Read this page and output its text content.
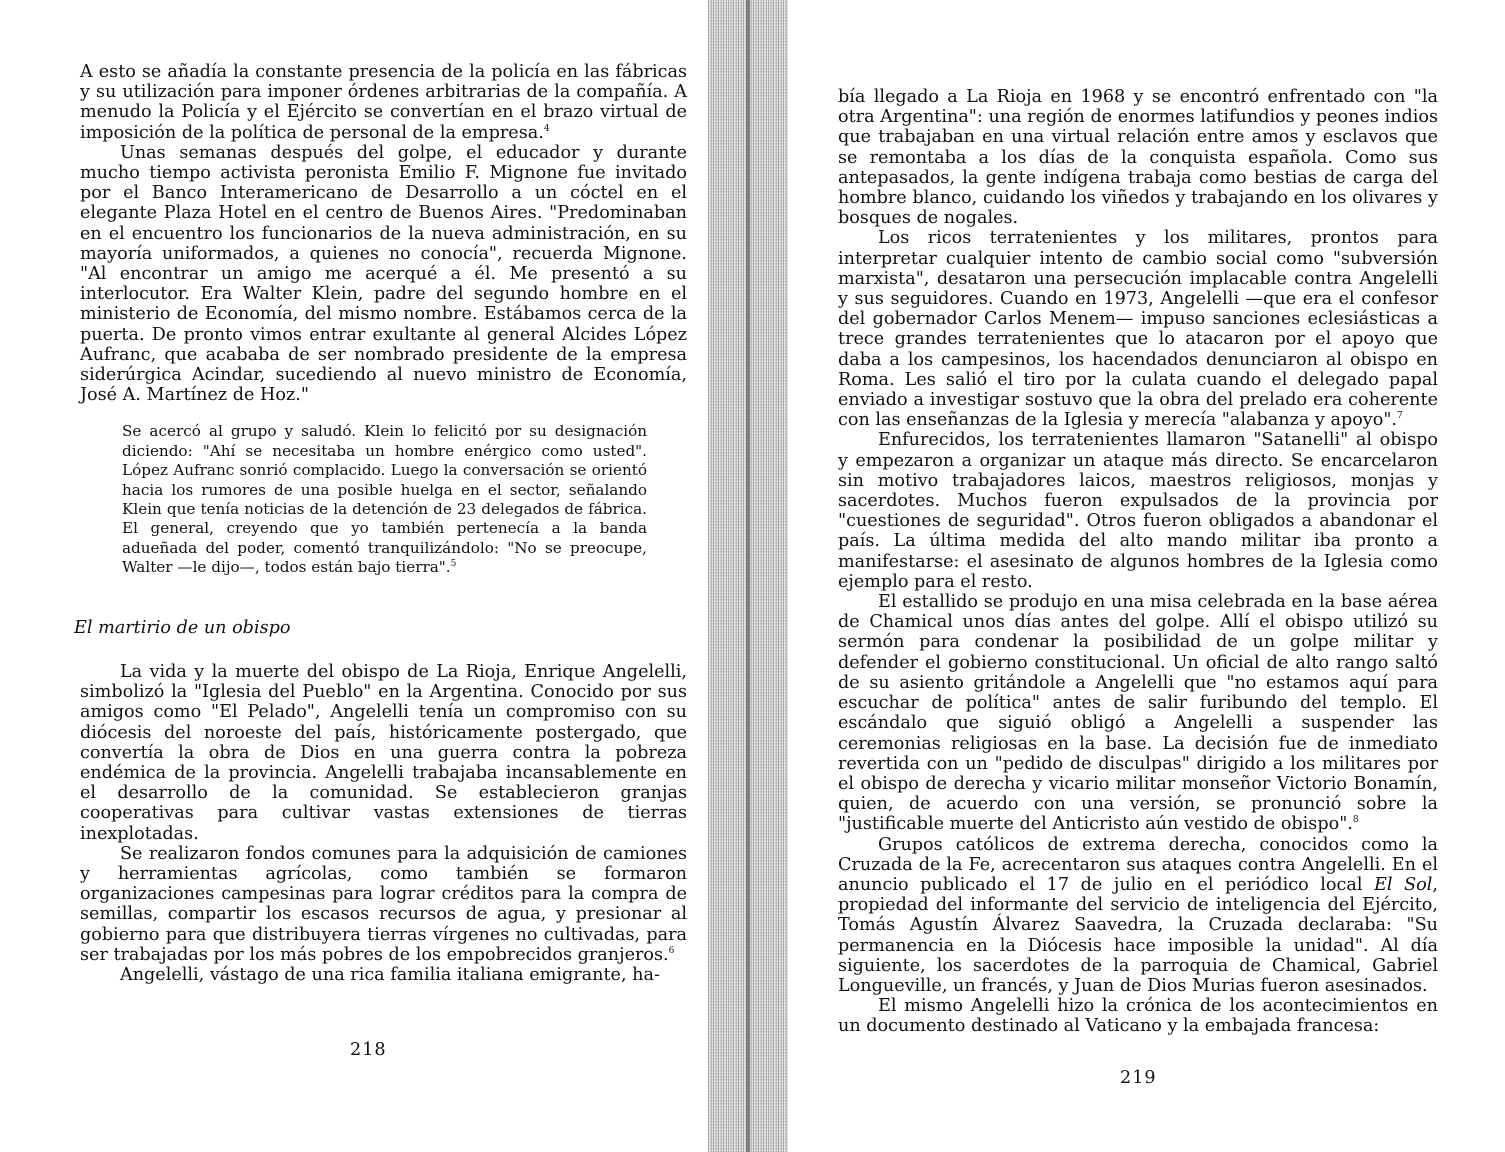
A esto se añadía la constante presencia de la policía en las fábricas y su utilización para imponer órdenes arbitrarias de la compañía. A menudo la Policía y el Ejército se convertían en el brazo virtual de imposición de la política de personal de la empresa.$^4$

Unas semanas después del golpe, el educador y durante mucho tiempo activista peronista Emilio F. Mignone fue invitado por el Banco Interamericano de Desarrollo a un cóctel en el elegante Plaza Hotel en el centro de Buenos Aires. "Predominaban en el encuentro los funcionarios de la nueva administración, en su mayoría uniformados, a quienes no conocía", recuerda Mignone. "Al encontrar un amigo me acerqué a él. Me presentó a su interlocutor. Era Walter Klein, padre del segundo hombre en el ministerio de Economía, del mismo nombre. Estábamos cerca de la puerta. De pronto vimos entrar exultante al general Alcides López Aufranc, que acababa de ser nombrado presidente de la empresa siderúrgica Acindar, sucediendo al nuevo ministro de Economía, José A. Martínez de Hoz."

Se acercó al grupo y saludó. Klein lo felicitó por su designación diciendo: "Ahí se necesitaba un hombre enérgico como usted". López Aufranc sonrió complacido. Luego la conversación se orientó hacia los rumores de una posible huelga en el sector, señalando Klein que tenía noticias de la detención de 23 delegados de fábrica. El general, creyendo que yo también pertenecía a la banda adueñada del poder, comentó tranquilizándolo: "No se preocupe, Walter —le dijo—, todos están bajo tierra".$^5$
El martirio de un obispo

La vida y la muerte del obispo de La Rioja, Enrique Angelelli, simbolizó la "Iglesia del Pueblo" en la Argentina. Conocido por sus amigos como "El Pelado", Angelelli tenía un compromiso con su diócesis del noroeste del país, históricamente postergado, que convertía la obra de Dios en una guerra contra la pobreza endémica de la provincia. Angelelli trabajaba incansablemente en el desarrollo de la comunidad. Se establecieron granjas cooperativas para cultivar vastas extensiones de tierras inexplotadas.

Se realizaron fondos comunes para la adquisición de camiones y herramientas agrícolas, como también se formaron organizaciones campesinas para lograr créditos para la compra de semillas, compartir los escasos recursos de agua, y presionar al gobierno para que distribuyera tierras vírgenes no cultivadas, para ser trabajadas por los más pobres de los empobrecidos granjeros.$^6$

Angelelli, vástago de una rica familia italiana emigrante, ha-

218

bía llegado a La Rioja en 1968 y se encontró enfrentado con "la otra Argentina": una región de enormes latifundios y peones indios que trabajaban en una virtual relación entre amos y esclavos que se remontaba a los días de la conquista española. Como sus antepasados, la gente indígena trabaja como bestias de carga del hombre blanco, cuidando los viñedos y trabajando en los olivares y bosques de nogales.

Los ricos terratenientes y los militares, prontos para interpretar cualquier intento de cambio social como "subversión marxista", desataron una persecución implacable contra Angelelli y sus seguidores. Cuando en 1973, Angelelli —que era el confesor del gobernador Carlos Menem— impuso sanciones eclesiásticas a trece grandes terratenientes que lo atacaron por el apoyo que daba a los campesinos, los hacendados denunciaron al obispo en Roma. Les salió el tiro por la culata cuando el delegado papal enviado a investigar sostuvo que la obra del prelado era coherente con las enseñanzas de la Iglesia y merecía "alabanza y apoyo".$^7$

Enfurecidos, los terratenientes llamaron "Satanelli" al obispo y empezaron a organizar un ataque más directo. Se encarcelaron sin motivo trabajadores laicos, maestros religiosos, monjas y sacerdotes. Muchos fueron expulsados de la provincia por "cuestiones de seguridad". Otros fueron obligados a abandonar el país. La última medida del alto mando militar iba pronto a manifestarse: el asesinato de algunos hombres de la Iglesia como ejemplo para el resto.

El estallido se produjo en una misa celebrada en la base aérea de Chamical unos días antes del golpe. Allí el obispo utilizó su sermón para condenar la posibilidad de un golpe militar y defender el gobierno constitucional. Un oficial de alto rango saltó de su asiento gritándole a Angelelli que "no estamos aquí para escuchar de política" antes de salir furibundo del templo. El escándalo que siguió obligó a Angelelli a suspender las ceremonias religiosas en la base. La decisión fue de inmediato revertida con un "pedido de disculpas" dirigido a los militares por el obispo de derecha y vicario militar monseñor Victorio Bonamín, quien, de acuerdo con una versión, se pronunció sobre la "justificable muerte del Anticristo aún vestido de obispo".$^8$

Grupos católicos de extrema derecha, conocidos como la Cruzada de la Fe, acrecentaron sus ataques contra Angelelli. En el anuncio publicado el 17 de julio en el periódico local El Sol, propiedad del informante del servicio de inteligencia del Ejército, Tomás Agustín Álvarez Saavedra, la Cruzada declaraba: "Su permanencia en la Diócesis hace imposible la unidad". Al día siguiente, los sacerdotes de la parroquia de Chamical, Gabriel Longueville, un francés, y Juan de Dios Murias fueron asesinados.

El mismo Angelelli hizo la crónica de los acontecimientos en un documento destinado al Vaticano y la embajada francesa:

219
